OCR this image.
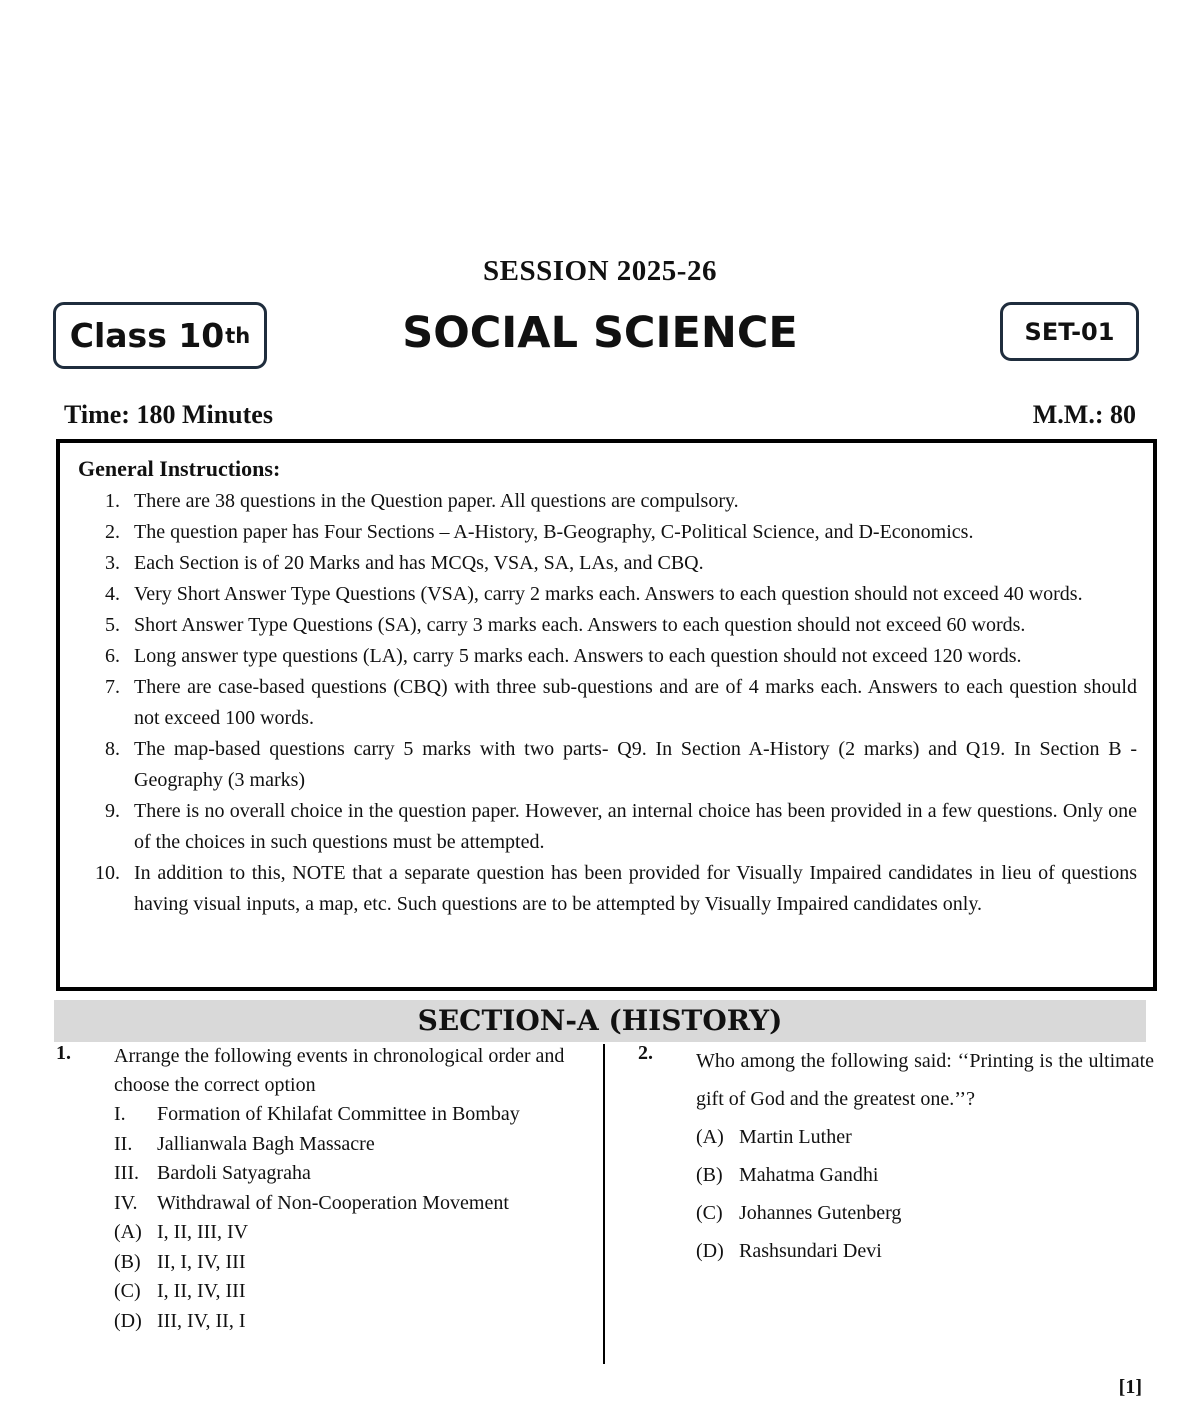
SESSION 2025-26
Class 10 th	SOCIAL SCIENCE	SET-01
Time: 180 Minutes	M.M.: 80
General Instructions:
1. There are 38 questions in the Question paper. All questions are compulsory.
2. The question paper has Four Sections – A-History, B-Geography, C-Political Science, and D-Economics.
3. Each Section is of 20 Marks and has MCQs, VSA, SA, LAs, and CBQ.
4. Very Short Answer Type Questions (VSA), carry 2 marks each. Answers to each question should not exceed 40 words.
5. Short Answer Type Questions (SA), carry 3 marks each. Answers to each question should not exceed 60 words.
6. Long answer type questions (LA), carry 5 marks each. Answers to each question should not exceed 120 words.
7. There are case-based questions (CBQ) with three sub-questions and are of 4 marks each. Answers to each question should not exceed 100 words.
8. The map-based questions carry 5 marks with two parts- Q9. In Section A-History (2 marks) and Q19. In Section B -Geography (3 marks)
9. There is no overall choice in the question paper. However, an internal choice has been provided in a few questions. Only one of the choices in such questions must be attempted.
10. In addition to this, NOTE that a separate question has been provided for Visually Impaired candidates in lieu of questions having visual inputs, a map, etc. Such questions are to be attempted by Visually Impaired candidates only.
SECTION-A (HISTORY)
1. Arrange the following events in chronological order and choose the correct option
I.	Formation of Khilafat Committee in Bombay
II.	Jallianwala Bagh Massacre
III. Bardoli Satyagraha
IV. Withdrawal of Non-Cooperation Movement
(A) I, II, III, IV
(B) II, I, IV, III
(C) I, II, IV, III
(D) III, IV, II, I
2. Who among the following said: ‘‘Printing is the ultimate gift of God and the greatest one.’’?
(A) Martin Luther
(B) Mahatma Gandhi
(C) Johannes Gutenberg
(D) Rashsundari Devi
[1]
